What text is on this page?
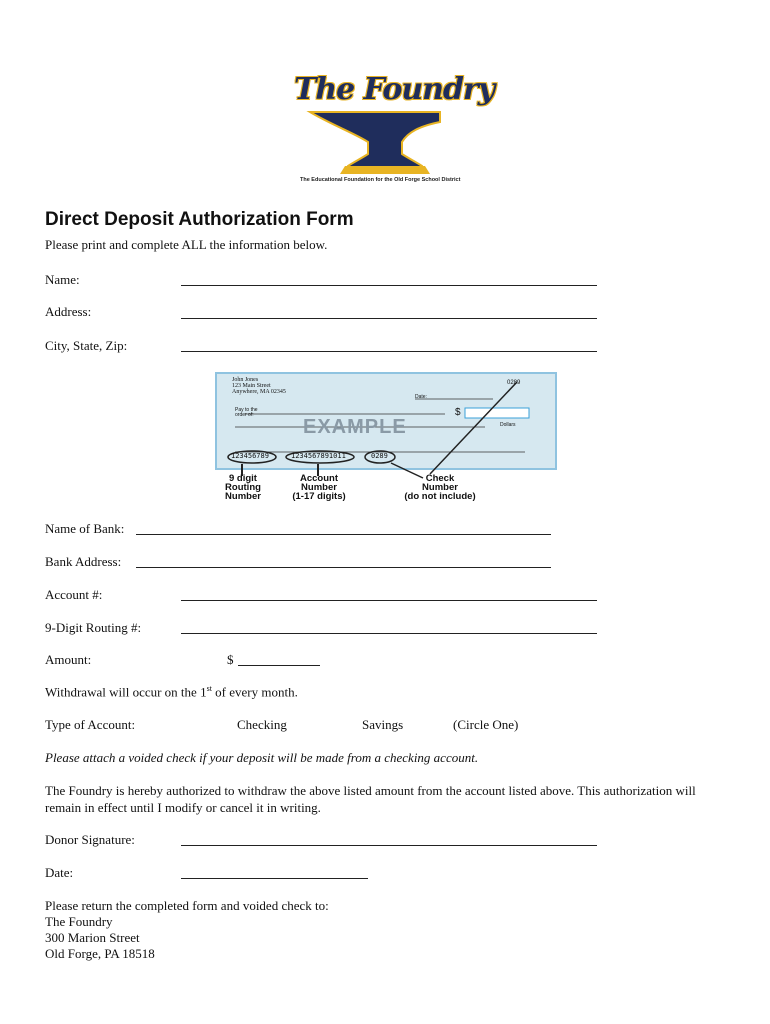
The Foundry
The Educational Foundation for the Old Forge School District
Direct Deposit Authorization Form
Please print and complete ALL the information below.
Name:
Address:
City, State, Zip:
John Jones
123 Main Street
Anywhere, MA 02345
0289
Date:
Pay to the
order of:	$
Dollars
EXAMPLE
123456789	1234567891011	0289
9 digit
Routing
Number
Account
Number
(1-17 digits)
Check
Number
(do not include)
Name of Bank:
Bank Address:
Account #:
9-Digit Routing #:
Amount:	$
Withdrawal will occur on the 1st of every month.
Type of Account:	Checking	Savings	(Circle One)
Please attach a voided check if your deposit will be made from a checking account.
The Foundry is hereby authorized to withdraw the above listed amount from the account listed above. This authorization will remain in effect until I modify or cancel it in writing.
Donor Signature:
Date:
Please return the completed form and voided check to:
The Foundry
300 Marion Street
Old Forge, PA 18518
